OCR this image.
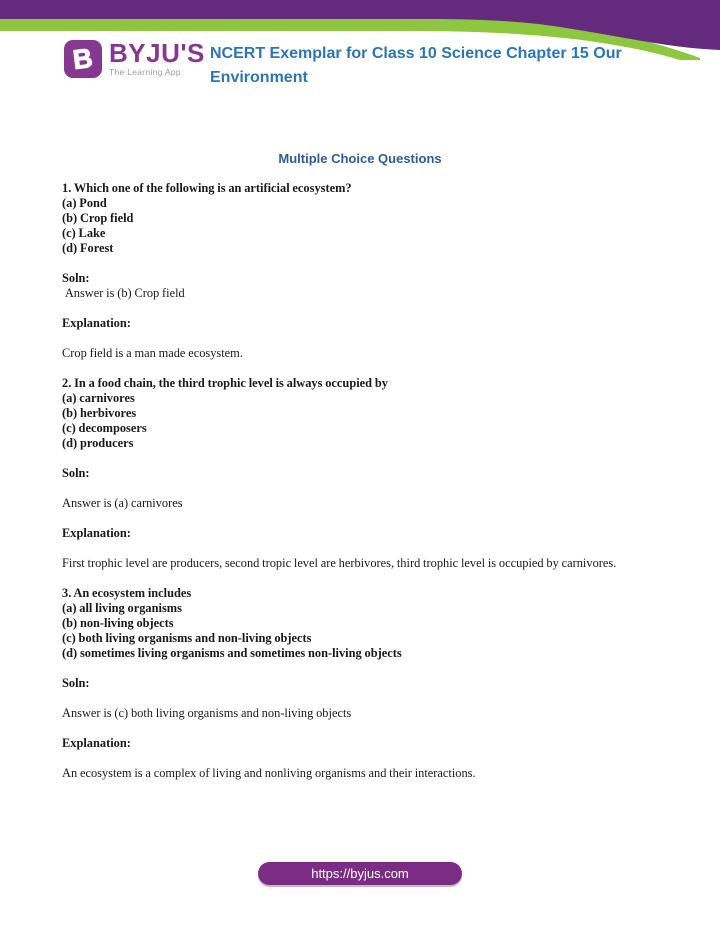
B BYJU'S
The Learning App
NCERT Exemplar for Class 10 Science Chapter 15 Our Environment
Multiple Choice Questions
1. Which one of the following is an artificial ecosystem?
(a) Pond
(b) Crop field
(c) Lake
(d) Forest
Soln:
Answer is (b) Crop field
Explanation:
Crop field is a man made ecosystem.
2. In a food chain, the third trophic level is always occupied by
(a) carnivores
(b) herbivores
(c) decomposers
(d) producers
Soln:
Answer is (a) carnivores
Explanation:
First trophic level are producers, second tropic level are herbivores, third trophic level is occupied by carnivores.
3. An ecosystem includes
(a) all living organisms
(b) non-living objects
(c) both living organisms and non-living objects
(d) sometimes living organisms and sometimes non-living objects
Soln:
Answer is (c) both living organisms and non-living objects
Explanation:
An ecosystem is a complex of living and nonliving organisms and their interactions.
https://byjus.com
